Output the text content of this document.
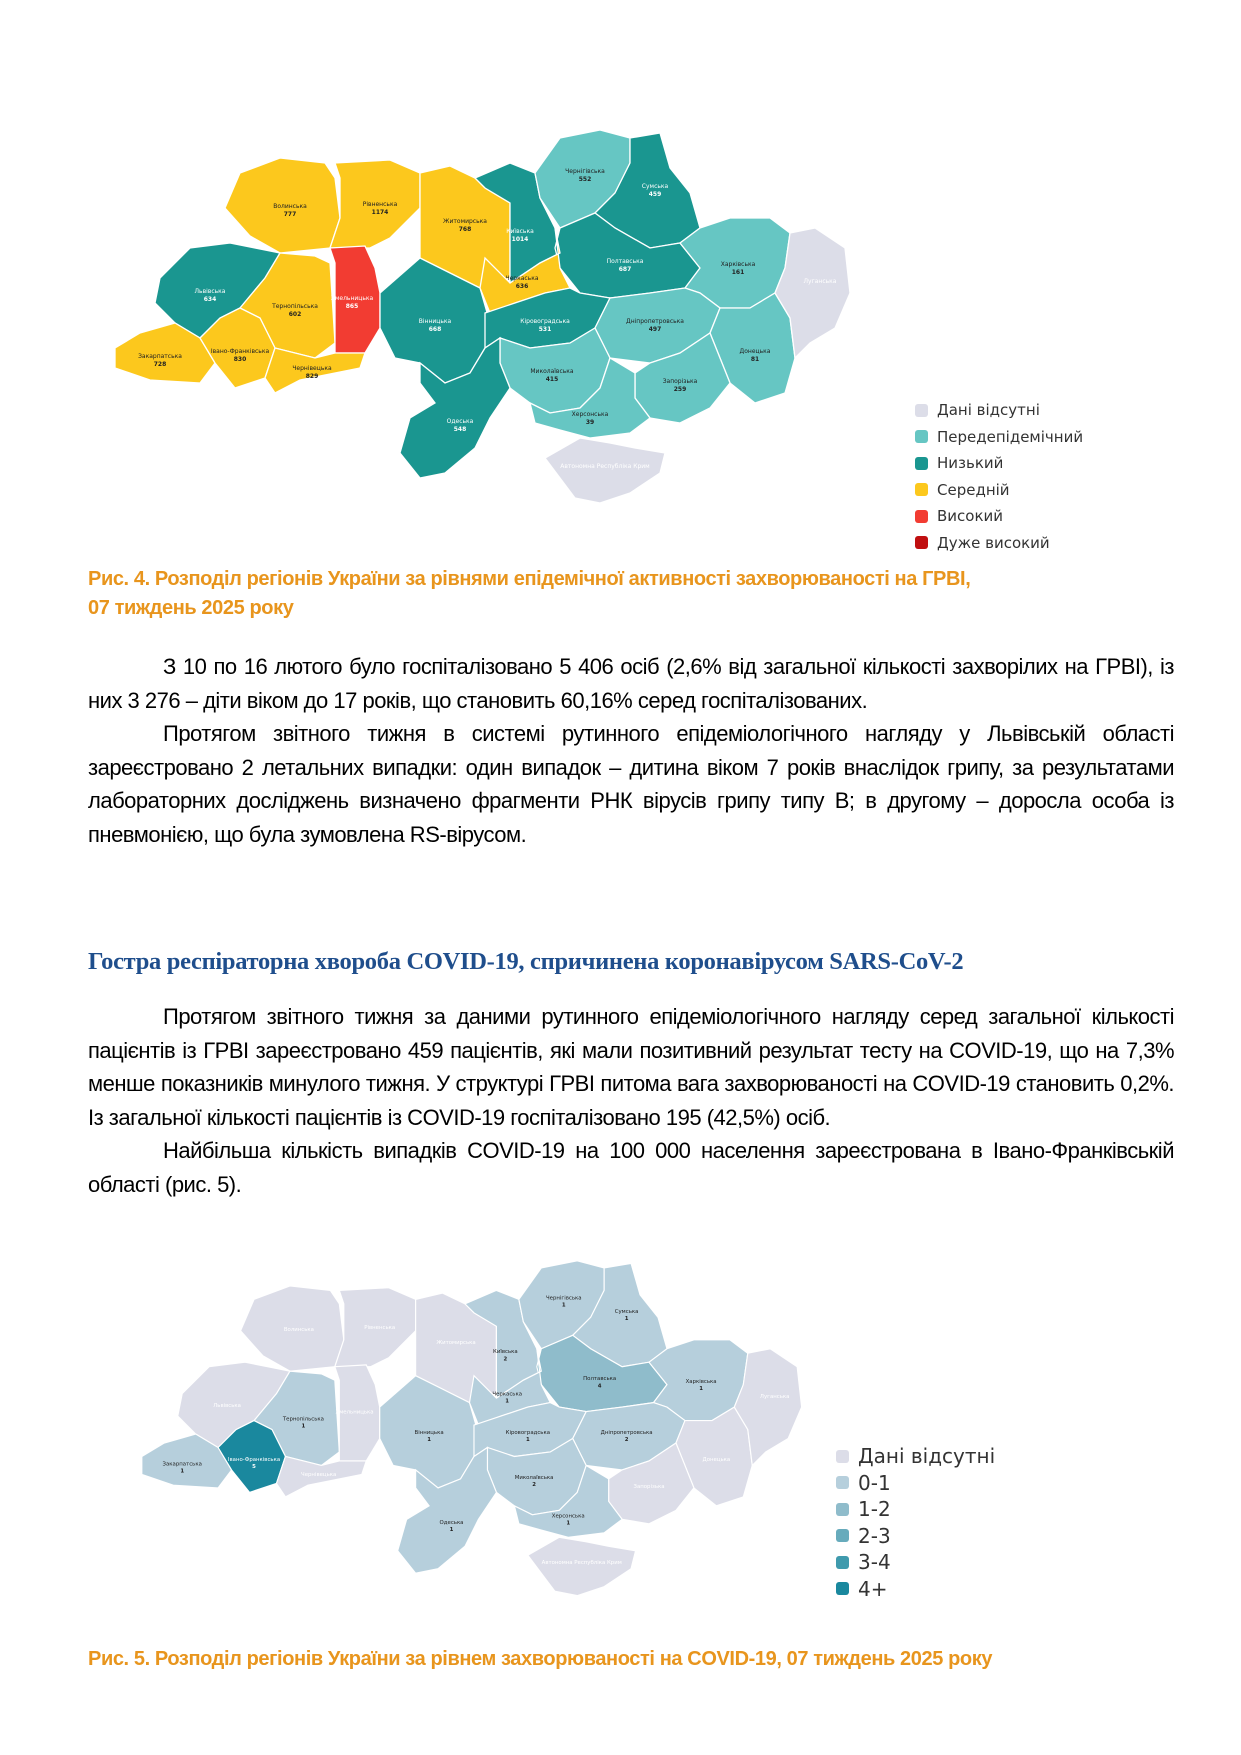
Волинська
777
Рівненська
1174
Житомирська
768
Львівська
634
Тернопільська
602
Хмельницька
865
Закарпатська
728
Івано-Франківська
830
Чернівецька
829
Вінницька
668
Київська
1014
Чернігівська
552
Сумська
459
Полтавська
687
Черкаська
636
Харківська
161
Кіровоградська
531
Дніпропетровська
497
Донецька
81
Запорізька
259
Миколаївська
415
Одеська
548
Херсонська
39
Луганська
Автономна Республіка Крим
Дані відсутні
Передепідемічний
Низький
Середній
Високий
Дуже високий
Рис. 4. Розподіл регіонів України за рівнями епідемічної активності захворюваності на ГРВІ,
07 тиждень 2025 року

З 10 по 16 лютого було госпіталізовано 5 406 осіб (2,6% від загальної кількості захворілих на ГРВІ), із них 3 276 – діти віком до 17 років, що становить 60,16% серед госпіталізованих.

Протягом звітного тижня в системі рутинного епідеміологічного нагляду у Львівській області зареєстровано 2 летальних випадки: один випадок – дитина віком 7 років внаслідок грипу, за результатами лабораторних досліджень визначено фрагменти РНК вірусів грипу типу B; в другому – доросла особа із пневмонією, що була зумовлена RS-вірусом.

Гостра респіраторна хвороба COVID-19, спричинена коронавірусом SARS-CoV-2

Протягом звітного тижня за даними рутинного епідеміологічного нагляду серед загальної кількості пацієнтів із ГРВІ зареєстровано 459 пацієнтів, які мали позитивний результат тесту на COVID-19, що на 7,3% менше показників минулого тижня. У структурі ГРВІ питома вага захворюваності на COVID-19 становить 0,2%. Із загальної кількості пацієнтів із COVID-19 госпіталізовано 195 (42,5%) осіб.

Найбільша кількість випадків COVID-19 на 100 000 населення зареєстрована в Івано-Франківській області (рис. 5).

Волинська	Рівненська
Житомирська
Львівська
Тернопільська
1
Хмельницька
Закарпатська
1
Івано-Франківська
5
Чернівецька
Вінницька
1
Київська
2
Чернігівська
1
Сумська
1
Полтавська
4
Черкаська
1
Харківська
1
Кіровоградська
1
Дніпропетровська
2
Донецька
Запорізька
Миколаївська
2
Одеська
1
Херсонська
1
Луганська
Автономна Республіка Крим
Дані відсутні
0-1
1-2
2-3
3-4
4+
Рис. 5. Розподіл регіонів України за рівнем захворюваності на COVID-19, 07 тиждень 2025 року
